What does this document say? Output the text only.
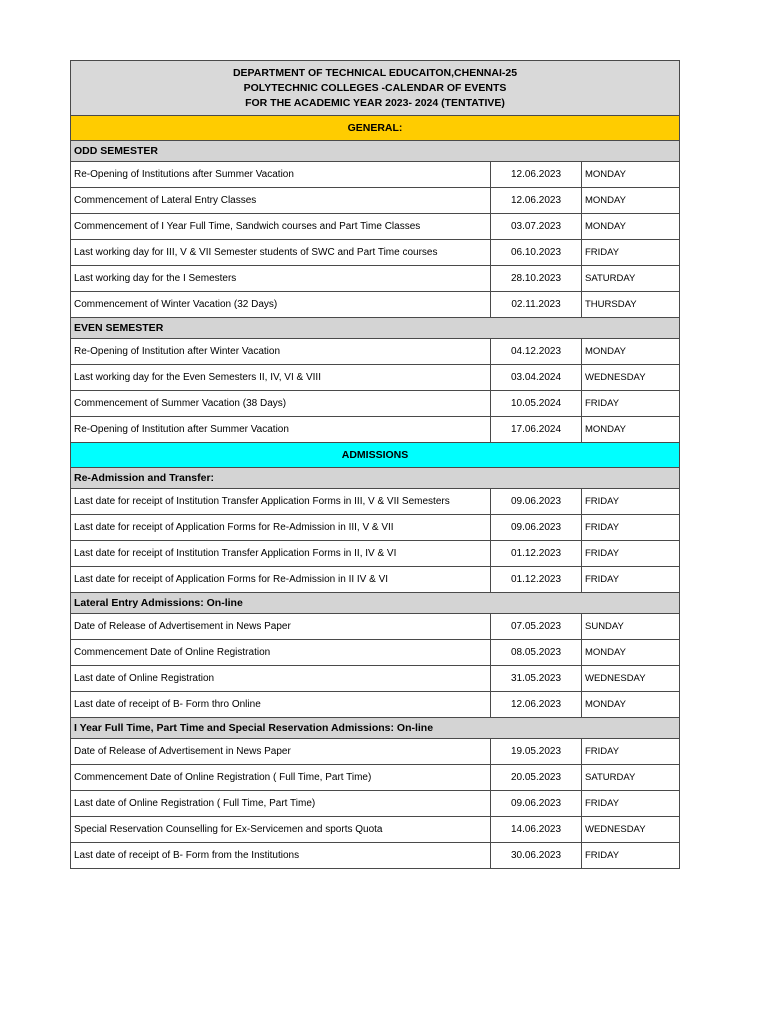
DEPARTMENT OF TECHNICAL EDUCAITON,CHENNAI-25
POLYTECHNIC COLLEGES -CALENDAR OF EVENTS
FOR THE ACADEMIC YEAR 2023- 2024 (TENTATIVE)		

GENERAL:		
ODD SEMESTER		
Re-Opening of Institutions after Summer Vacation	12.06.2023	MONDAY
Commencement of Lateral Entry Classes	12.06.2023	MONDAY
Commencement of I Year Full Time, Sandwich courses and Part Time Classes	03.07.2023	MONDAY
Last working day for III, V & VII Semester students of SWC and Part Time courses	06.10.2023	FRIDAY
Last working day for the I Semesters	28.10.2023	SATURDAY
Commencement of Winter Vacation (32 Days)	02.11.2023	THURSDAY
EVEN SEMESTER		
Re-Opening of Institution after Winter Vacation	04.12.2023	MONDAY
Last working day for the Even Semesters II, IV, VI & VIII	03.04.2024	WEDNESDAY
Commencement of Summer Vacation (38 Days)	10.05.2024	FRIDAY
Re-Opening of Institution after Summer Vacation	17.06.2024	MONDAY
ADMISSIONS		
Re-Admission and Transfer:		
Last date for receipt of Institution Transfer Application Forms in III, V & VII Semesters	09.06.2023	FRIDAY
Last date for receipt of Application Forms for Re-Admission in III, V & VII	09.06.2023	FRIDAY
Last date for receipt of Institution Transfer Application Forms in II, IV & VI	01.12.2023	FRIDAY
Last date for receipt of Application Forms for Re-Admission in II IV & VI	01.12.2023	FRIDAY
Lateral Entry Admissions: On-line		
Date of Release of Advertisement in News Paper	07.05.2023	SUNDAY
Commencement Date of Online Registration	08.05.2023	MONDAY
Last date of Online Registration	31.05.2023	WEDNESDAY
Last date of receipt of B- Form thro Online	12.06.2023	MONDAY
I Year Full Time, Part Time and Special Reservation Admissions: On-line		
Date of Release of Advertisement in News Paper	19.05.2023	FRIDAY
Commencement Date of Online Registration ( Full Time, Part Time)	20.05.2023	SATURDAY
Last date of Online Registration ( Full Time, Part Time)	09.06.2023	FRIDAY
Special Reservation Counselling for Ex-Servicemen and sports Quota	14.06.2023	WEDNESDAY
Last date of receipt of B- Form from the Institutions	30.06.2023	FRIDAY
